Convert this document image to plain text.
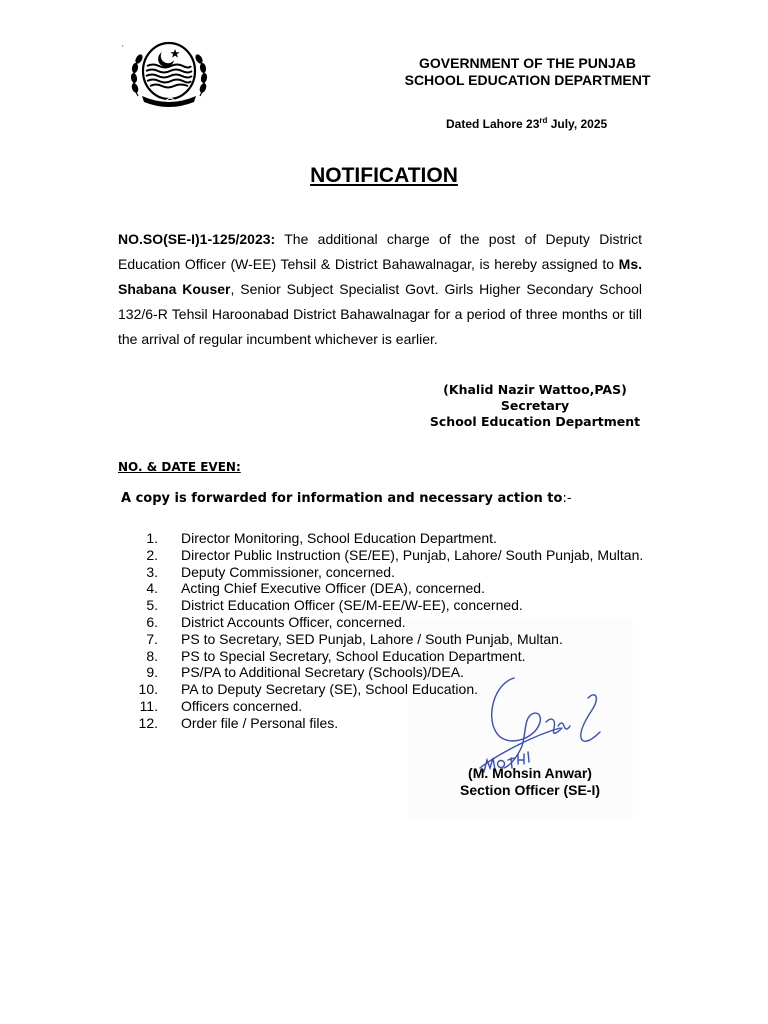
'
GOVERNMENT OF THE PUNJAB
SCHOOL EDUCATION DEPARTMENT
Dated Lahore 23rd July, 2025
NOTIFICATION
NO.SO(SE-I)1-125/2023: The additional charge of the post of Deputy District Education Officer (W-EE) Tehsil & District Bahawalnagar, is hereby assigned to Ms. Shabana Kouser, Senior Subject Specialist Govt. Girls Higher Secondary School 132/6-R Tehsil Haroonabad District Bahawalnagar for a period of three months or till the arrival of regular incumbent whichever is earlier.
(Khalid Nazir Wattoo,PAS)
Secretary
School Education Department
NO. & DATE EVEN:
A copy is forwarded for information and necessary action to:-
1. Director Monitoring, School Education Department.
2. Director Public Instruction (SE/EE), Punjab, Lahore/ South Punjab, Multan.
3. Deputy Commissioner, concerned.
4. Acting Chief Executive Officer (DEA), concerned.
5. District Education Officer (SE/M-EE/W-EE), concerned.
6. District Accounts Officer, concerned.
7. PS to Secretary, SED Punjab, Lahore / South Punjab, Multan.
8. PS to Special Secretary, School Education Department.
9. PS/PA to Additional Secretary (Schools)/DEA.
10. PA to Deputy Secretary (SE), School Education.
11. Officers concerned.
12. Order file / Personal files.
(M. Mohsin Anwar)
Section Officer (SE-I)
